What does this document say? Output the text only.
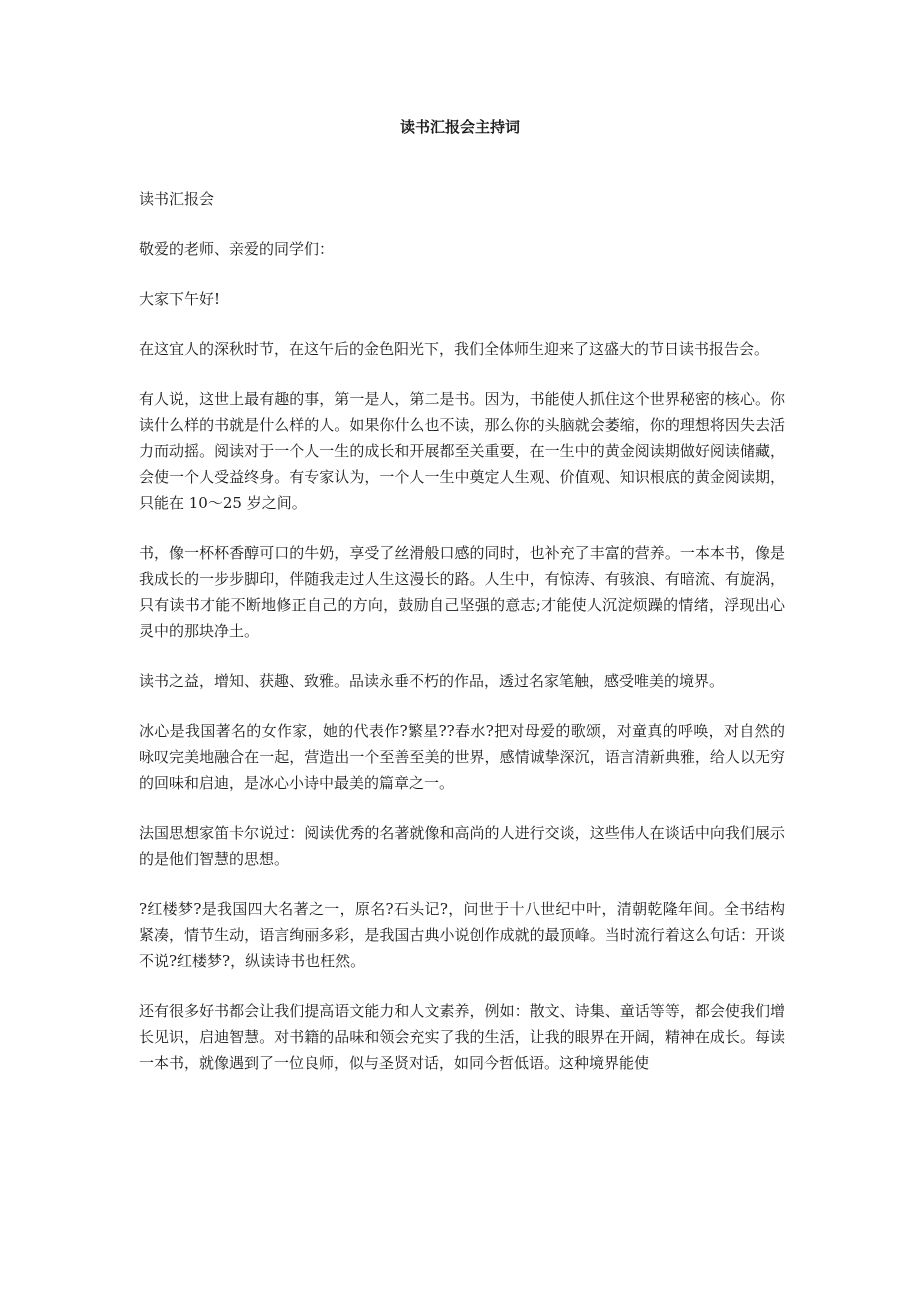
读书汇报会主持词

读书汇报会

敬爱的老师、亲爱的同学们：

大家下午好!

在这宜人的深秋时节，在这午后的金色阳光下，我们全体师生迎来了这盛大的节日读书报告会。

有人说，这世上最有趣的事，第一是人，第二是书。因为，书能使人抓住这个世界秘密的核心。你读什么样的书就是什么样的人。如果你什么也不读，那么你的头脑就会萎缩，你的理想将因失去活力而动摇。阅读对于一个人一生的成长和开展都至关重要，在一生中的黄金阅读期做好阅读储藏，会使一个人受益终身。有专家认为，一个人一生中奠定人生观、价值观、知识根底的黄金阅读期，只能在 10～25 岁之间。

书，像一杯杯香醇可口的牛奶，享受了丝滑般口感的同时，也补充了丰富的营养。一本本书，像是我成长的一步步脚印，伴随我走过人生这漫长的路。人生中，有惊涛、有骇浪、有暗流、有旋涡，只有读书才能不断地修正自己的方向，鼓励自己坚强的意志;才能使人沉淀烦躁的情绪，浮现出心灵中的那块净土。

读书之益，增知、获趣、致雅。品读永垂不朽的作品，透过名家笔触，感受唯美的境界。

冰心是我国著名的女作家，她的代表作?繁星??春水?把对母爱的歌颂，对童真的呼唤，对自然的咏叹完美地融合在一起，营造出一个至善至美的世界，感情诚挚深沉，语言清新典雅，给人以无穷的回味和启迪，是冰心小诗中最美的篇章之一。

法国思想家笛卡尔说过：阅读优秀的名著就像和高尚的人进行交谈，这些伟人在谈话中向我们展示的是他们智慧的思想。

?红楼梦?是我国四大名著之一，原名?石头记?，问世于十八世纪中叶，清朝乾隆年间。全书结构紧凑，情节生动，语言绚丽多彩，是我国古典小说创作成就的最顶峰。当时流行着这么句话：开谈不说?红楼梦?，纵读诗书也枉然。

还有很多好书都会让我们提高语文能力和人文素养，例如：散文、诗集、童话等等，都会使我们增长见识，启迪智慧。对书籍的品味和领会充实了我的生活，让我的眼界在开阔，精神在成长。每读一本书，就像遇到了一位良师，似与圣贤对话，如同今哲低语。这种境界能使
